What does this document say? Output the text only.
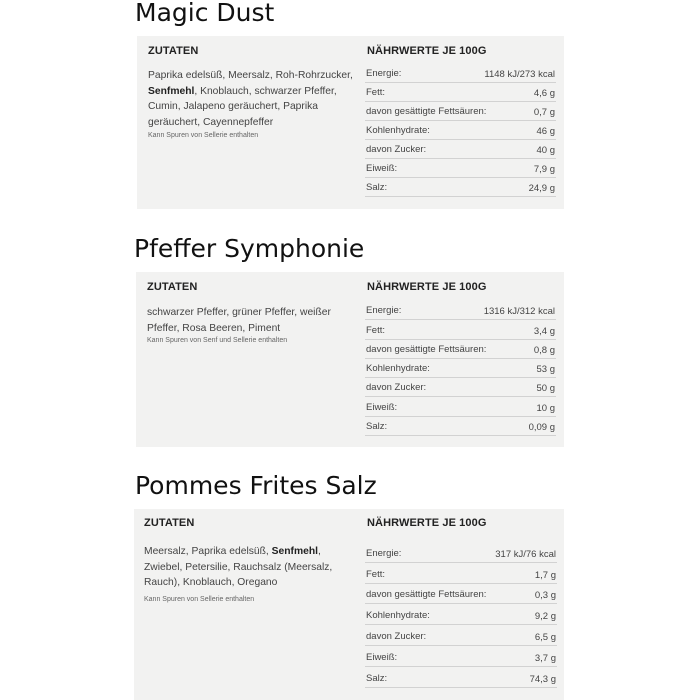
Magic Dust
ZUTATEN	NÄHRWERTE JE 100G
Paprika edelsüß, Meersalz, Roh-Rohrzucker,
Senfmehl, Knoblauch, schwarzer Pfeffer,
Cumin, Jalapeno geräuchert, Paprika
geräuchert, Cayennepfeffer
Kann Spuren von Sellerie enthalten
Energie:	1148 kJ/273 kcal
Fett:	4,6 g
davon gesättigte Fettsäuren:	0,7 g
Kohlenhydrate:	46 g
davon Zucker:	40 g
Eiweiß:	7,9 g
Salz:	24,9 g
Pfeffer Symphonie
ZUTATEN	NÄHRWERTE JE 100G
schwarzer Pfeffer, grüner Pfeffer, weißer
Pfeffer, Rosa Beeren, Piment
Kann Spuren von Senf und Sellerie enthalten
Energie:	1316 kJ/312 kcal
Fett:	3,4 g
davon gesättigte Fettsäuren:	0,8 g
Kohlenhydrate:	53 g
davon Zucker:	50 g
Eiweiß:	10 g
Salz:	0,09 g
Pommes Frites Salz
ZUTATEN	NÄHRWERTE JE 100G
Meersalz, Paprika edelsüß, Senfmehl,
Zwiebel, Petersilie, Rauchsalz (Meersalz,
Rauch), Knoblauch, Oregano
Kann Spuren von Sellerie enthalten
Energie:	317 kJ/76 kcal
Fett:	1,7 g
davon gesättigte Fettsäuren:	0,3 g
Kohlenhydrate:	9,2 g
davon Zucker:	6,5 g
Eiweiß:	3,7 g
Salz:	74,3 g
